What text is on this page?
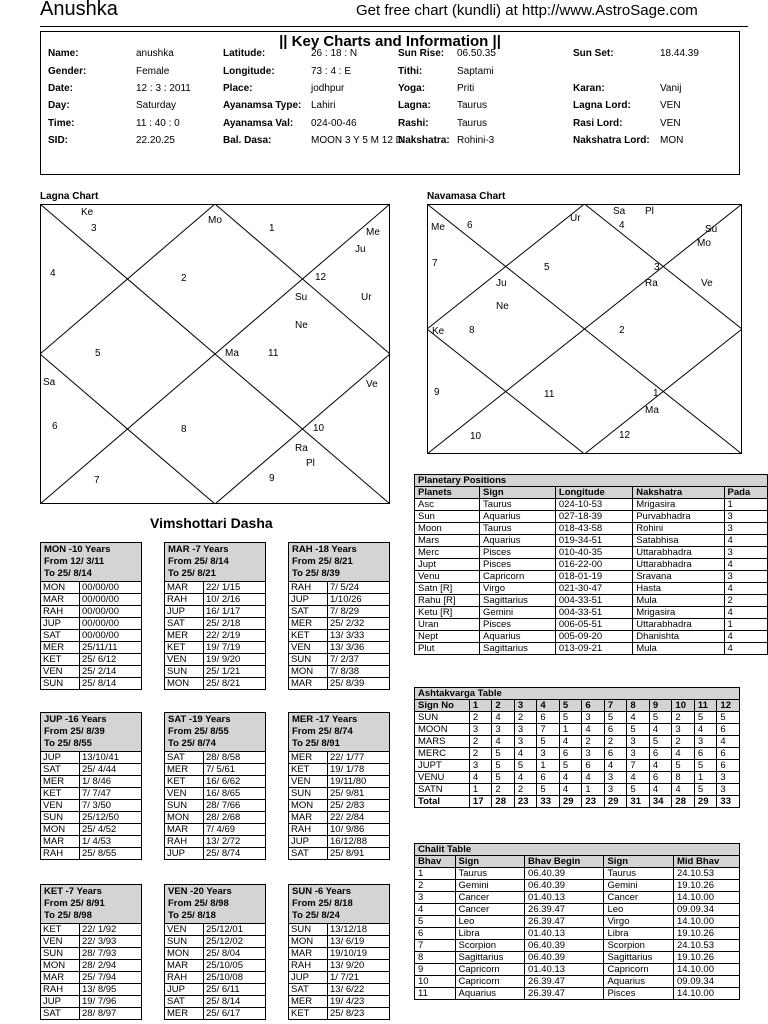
Anushka	Get free chart (kundli) at http://www.AstroSage.com
|| Key Charts and Information ||
Name:	anushka
Gender:	Female
Date:	12 : 3 : 2011
Day:	Saturday
Time:	11 : 40 : 0
SID:	22.20.25
Latitude:	26 : 18 : N
Longitude:	73 : 4 : E
Place:	jodhpur
Ayanamsa Type: Lahiri
Ayanamsa Val: 024-00-46
Bal. Dasa:	MOON 3 Y 5 M 12 D
Sun Rise: 06.50.35
Tithi:	Saptami
Yoga:	Priti
Lagna:	Taurus
Rashi:	Taurus
Nakshatra: Rohini-3
Sun Set:	18.44.39
Karan:	Vanij
Lagna Lord:	VEN
Rasi Lord:	VEN
Nakshatra Lord: MON
Lagna Chart
3	1
4	2	12
5	11
6	8	10
7	9
Ke
Mo
Me
Ju
Su	Ur
Ne
Sa
Ma
Ve
Ra
Pl
Navamasa Chart
6	4
7	5	3
8	2
9	11	1
10	12
Me
Ur
Sa Pl
Su
Mo
Ju
Ne
Ra	Ve
Ke
Ma
Vimshottari Dasha
MON -10 Years
From 12/ 3/11
To 25/ 8/14
MON	00/00/00
MAR	00/00/00
RAH	00/00/00
JUP	00/00/00
SAT	00/00/00
MER	25/11/11
KET	25/ 6/12
VEN	25/ 2/14
SUN	25/ 8/14
MAR -7 Years
From 25/ 8/14
To 25/ 8/21
MAR	22/ 1/15
RAH	10/ 2/16
JUP	16/ 1/17
SAT	25/ 2/18
MER	22/ 2/19
KET	19/ 7/19
VEN	19/ 9/20
SUN	25/ 1/21
MON	25/ 8/21
RAH -18 Years
From 25/ 8/21
To 25/ 8/39
RAH	7/ 5/24
JUP	1/10/26
SAT	7/ 8/29
MER	25/ 2/32
KET	13/ 3/33
VEN	13/ 3/36
SUN	7/ 2/37
MON	7/ 8/38
MAR	25/ 8/39
JUP -16 Years
From 25/ 8/39
To 25/ 8/55
JUP	13/10/41
SAT	25/ 4/44
MER	1/ 8/46
KET	7/ 7/47
VEN	7/ 3/50
SUN	25/12/50
MON	25/ 4/52
MAR	1/ 4/53
RAH	25/ 8/55
SAT -19 Years
From 25/ 8/55
To 25/ 8/74
SAT	28/ 8/58
MER	7/ 5/61
KET	16/ 6/62
VEN	16/ 8/65
SUN	28/ 7/66
MON	28/ 2/68
MAR	7/ 4/69
RAH	13/ 2/72
JUP	25/ 8/74
MER -17 Years
From 25/ 8/74
To 25/ 8/91
MER	22/ 1/77
KET	19/ 1/78
VEN	19/11/80
SUN	25/ 9/81
MON	25/ 2/83
MAR	22/ 2/84
RAH	10/ 9/86
JUP	16/12/88
SAT	25/ 8/91
KET -7 Years
From 25/ 8/91
To 25/ 8/98
KET	22/ 1/92
VEN	22/ 3/93
SUN	28/ 7/93
MON	28/ 2/94
MAR	25/ 7/94
RAH	13/ 8/95
JUP	19/ 7/96
SAT	28/ 8/97
VEN -20 Years
From 25/ 8/98
To 25/ 8/18
VEN	25/12/01
SUN	25/12/02
MON	25/ 8/04
MAR	25/10/05
RAH	25/10/08
JUP	25/ 6/11
SAT	25/ 8/14
MER	25/ 6/17
SUN -6 Years
From 25/ 8/18
To 25/ 8/24
SUN	13/12/18
MON	13/ 6/19
MAR	19/10/19
RAH	13/ 9/20
JUP	1/ 7/21
SAT	13/ 6/22
MER	19/ 4/23
KET	25/ 8/23
Planetary Positions				
Planets	Sign	Longitude	Nakshatra	Pada
Asc	Taurus	024-10-53	Mrigasira	1
Sun	Aquarius	027-18-39	Purvabhadra	3
Moon	Taurus	018-43-58	Rohini	3
Mars	Aquarius	019-34-51	Satabhisa	4
Merc	Pisces	010-40-35	Uttarabhadra	3
Jupt	Pisces	016-22-00	Uttarabhadra	4
Venu	Capricorn	018-01-19	Sravana	3
Satn [R]	Virgo	021-30-47	Hasta	4
Rahu [R]	Sagittarius	004-33-51	Mula	2
Ketu [R]	Gemini	004-33-51	Mrigasira	4
Uran	Pisces	006-05-51	Uttarabhadra	1
Nept	Aquarius	005-09-20	Dhanishta	4
Plut	Sagittarius	013-09-21	Mula	4
Ashtakvarga Table												
Sign No	1	2	3	4	5	6	7	8	9	10	11	12
SUN	2	4	2	6	5	3	5	4	5	2	5	5
MOON	3	3	3	7	1	4	6	5	4	3	4	6
MARS	2	4	3	5	4	2	2	3	5	2	3	4
MERC	2	5	4	3	6	3	6	3	6	4	6	6
JUPT	3	5	5	1	5	6	4	7	4	5	5	6
VENU	4	5	4	6	4	4	3	4	6	8	1	3
SATN	1	2	2	5	4	1	3	5	4	4	5	3
Total	17	28	23	33	29	23	29	31	34	28	29	33
Chalit Table				
Bhav	Sign	Bhav Begin	Sign	Mid Bhav
1	Taurus	06.40.39	Taurus	24.10.53
2	Gemini	06.40.39	Gemini	19.10.26
3	Cancer	01.40.13	Cancer	14.10.00
4	Cancer	26.39.47	Leo	09.09.34
5	Leo	26.39.47	Virgo	14.10.00
6	Libra	01.40.13	Libra	19.10.26
7	Scorpion	06.40.39	Scorpion	24.10.53
8	Sagittarius	06.40.39	Sagittarius	19.10.26
9	Capricorn	01.40.13	Capricorn	14.10.00
10	Capricorn	26.39.47	Aquarius	09.09.34
11	Aquarius	26.39.47	Pisces	14.10.00
